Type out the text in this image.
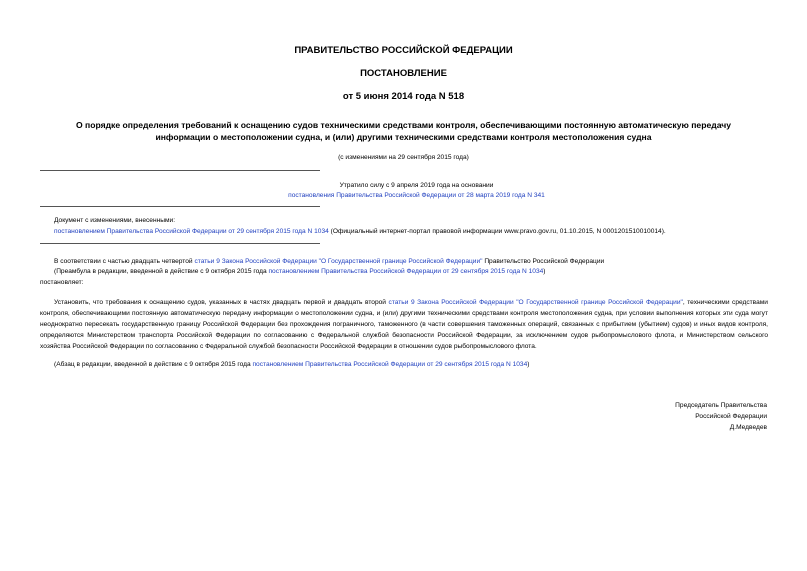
ПРАВИТЕЛЬСТВО РОССИЙСКОЙ ФЕДЕРАЦИИ
ПОСТАНОВЛЕНИЕ
от 5 июня 2014 года N 518
О порядке определения требований к оснащению судов техническими средствами контроля, обеспечивающими постоянную автоматическую передачу
информации о местоположении судна, и (или) другими техническими средствами контроля местоположения судна
(с изменениями на 29 сентября 2015 года)
Утратило силу с 9 апреля 2019 года на основании
постановления Правительства Российской Федерации от 28 марта 2019 года N 341
Документ с изменениями, внесенными:
постановлением Правительства Российской Федерации от 29 сентября 2015 года N 1034 (Официальный интернет-портал правовой информации www.pravo.gov.ru, 01.10.2015, N 0001201510010014).
В соответствии с частью двадцать четвертой статьи 9 Закона Российской Федерации "О Государственной границе Российской Федерации" Правительство Российской Федерации
(Преамбула в редакции, введенной в действие с 9 октября 2015 года постановлением Правительства Российской Федерации от 29 сентября 2015 года N 1034)
постановляет:
Установить, что требования к оснащению судов, указанных в частях двадцать первой и двадцать второй статьи 9 Закона Российской Федерации "О Государственной границе Российской Федерации", техническими средствами контроля, обеспечивающими постоянную автоматическую передачу информации о местоположении судна, и (или) другими техническими средствами контроля местоположения судна, при условии выполнения которых эти суда могут неоднократно пересекать государственную границу Российской Федерации без прохождения пограничного, таможенного (в части совершения таможенных операций, связанных с прибытием (убытием) судов) и иных видов контроля, определяются Министерством транспорта Российской Федерации по согласованию с Федеральной службой безопасности Российской Федерации, за исключением судов рыбопромыслового флота, и Министерством сельского хозяйства Российской Федерации по согласованию с Федеральной службой безопасности Российской Федерации в отношении судов рыбопромыслового флота.
(Абзац в редакции, введенной в действие с 9 октября 2015 года постановлением Правительства Российской Федерации от 29 сентября 2015 года N 1034)
Председатель Правительства
Российской Федерации
Д.Медведев
